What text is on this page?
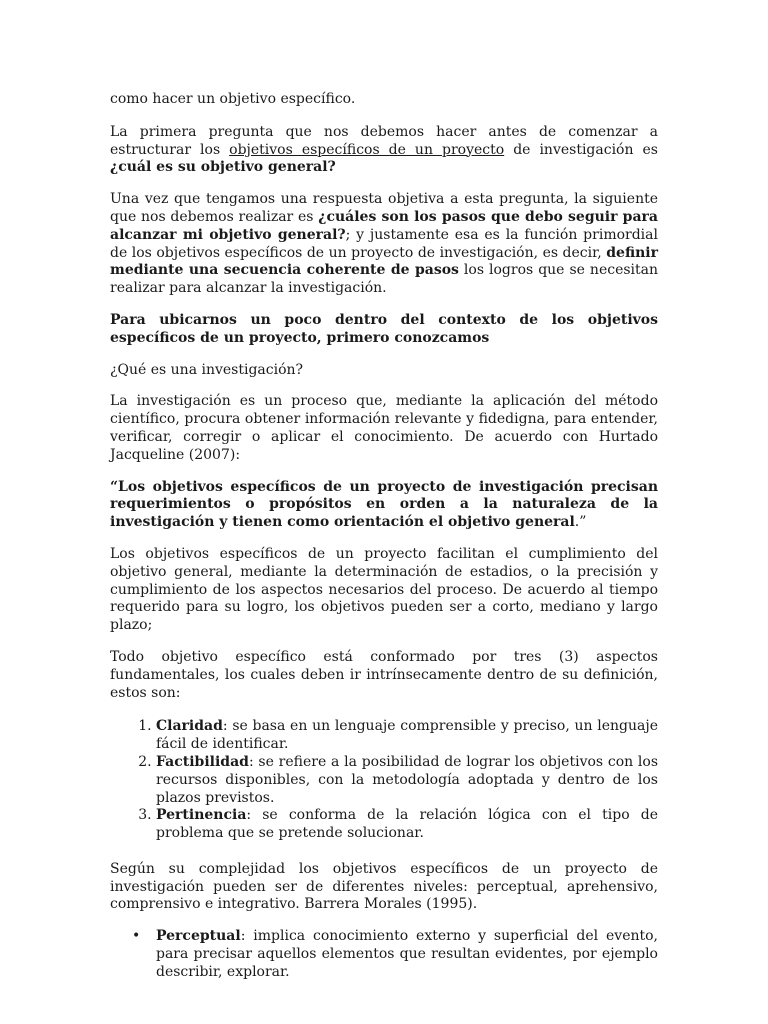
como hacer un objetivo específico.

La primera pregunta que nos debemos hacer antes de comenzar a estructurar los objetivos específicos de un proyecto de investigación es ¿cuál es su objetivo general?

Una vez que tengamos una respuesta objetiva a esta pregunta, la siguiente que nos debemos realizar es ¿cuáles son los pasos que debo seguir para alcanzar mi objetivo general?; y justamente esa es la función primordial de los objetivos específicos de un proyecto de investigación, es decir, definir mediante una secuencia coherente de pasos los logros que se necesitan realizar para alcanzar la investigación.

Para ubicarnos un poco dentro del contexto de los objetivos específicos de un proyecto, primero conozcamos

¿Qué es una investigación?

La investigación es un proceso que, mediante la aplicación del método científico, procura obtener información relevante y fidedigna, para entender, verificar, corregir o aplicar el conocimiento. De acuerdo con Hurtado Jacqueline (2007):

“Los objetivos específicos de un proyecto de investigación precisan requerimientos o propósitos en orden a la naturaleza de la investigación y tienen como orientación el objetivo general.”

Los objetivos específicos de un proyecto facilitan el cumplimiento del objetivo general, mediante la determinación de estadios, o la precisión y cumplimiento de los aspectos necesarios del proceso. De acuerdo al tiempo requerido para su logro, los objetivos pueden ser a corto, mediano y largo plazo;

Todo objetivo específico está conformado por tres (3) aspectos fundamentales, los cuales deben ir intrínsecamente dentro de su definición, estos son:

1. Claridad: se basa en un lenguaje comprensible y preciso, un lenguaje fácil de identificar.
2. Factibilidad: se refiere a la posibilidad de lograr los objetivos con los recursos disponibles, con la metodología adoptada y dentro de los plazos previstos.
3. Pertinencia: se conforma de la relación lógica con el tipo de problema que se pretende solucionar.

Según su complejidad los objetivos específicos de un proyecto de investigación pueden ser de diferentes niveles: perceptual, aprehensivo, comprensivo e integrativo. Barrera Morales (1995).

• Perceptual: implica conocimiento externo y superficial del evento, para precisar aquellos elementos que resultan evidentes, por ejemplo describir, explorar.
